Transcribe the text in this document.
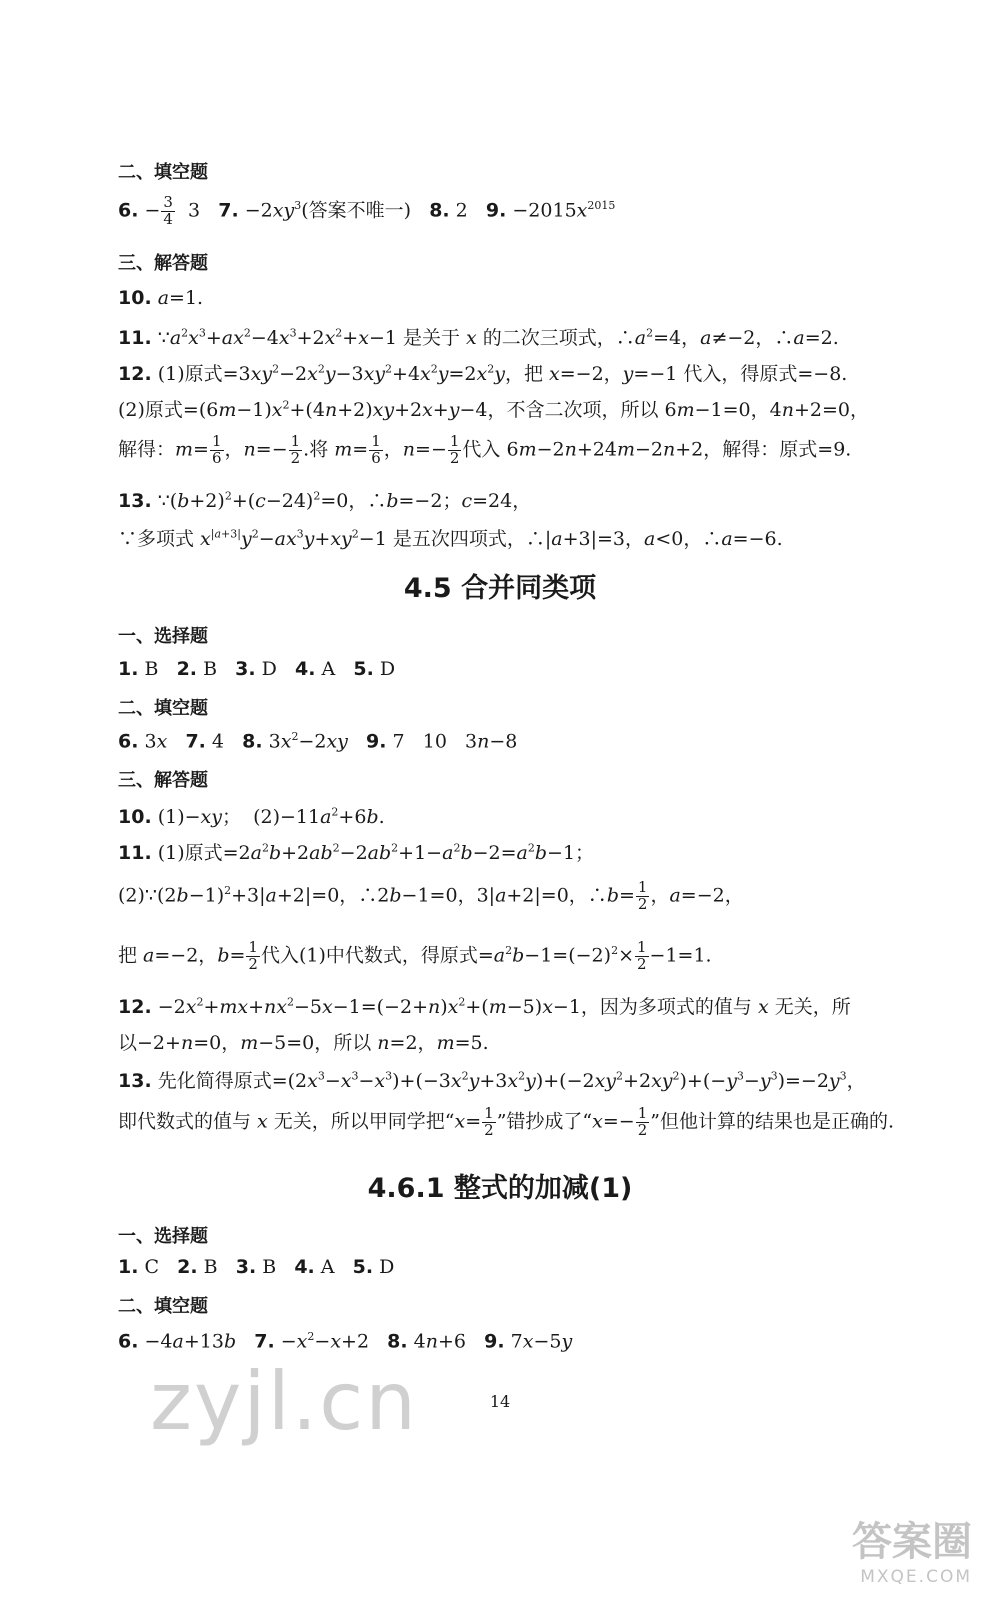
二、填空题
6. − $\frac{3}{4} 3$   7. $-2xy^3$(答案不唯一)   8. 2   9. $-2015x^{2015}$
三、解答题
10. a=1.
11. $\because a^2x^3+ax^2-4x^3+2x^2+x-1$ 是关于 x 的二次三项式，$\therefore a^2=4$，a≠−2，∴a=2.
12. (1)原式$=3xy^2-2x^2y-3xy^2+4x^2y=2x^2y$，把 x=−2，y=−1 代入，得原式=−8.
(2)原式$=(6m-1)x^2+(4n+2)xy+2x+y-4$，不含二次项，所以 6m−1=0，4n+2=0，
解得：$m= \frac{1}{6}$ ，$n=- \frac{1}{2}$ .将 $m= \frac{1}{6}$ ，$n=- \frac{1}{2}$ 代入 6m−2n+24m−2n+2，解得：原式=9.
13. $\because(b+2)^2+(c-24)^2=0$，∴b=−2；c=24，
∵多项式 $x^{|a+3|}y^2-ax^3y+xy^2-1$ 是五次四项式，∴|a+3|=3，a<0，∴a=−6.
4.5 合并同类项
一、选择题
1. B   2. B   3. D   4. A   5. D
二、填空题
6. 3x 7. 4   8. $3x^2-2xy$ 9. 7   10   3n−8
三、解答题
10. (1)−xy；  $(2)-11a^2+6b$.
11. (1)原式$=2a^2b+2ab^2-2ab^2+1-a^2b-2=a^2b-1$；
$(2)\because(2b-1)^2+3|a+2|=0$，∴2b−1=0，3|a+2|=0，∴b= $\frac{1}{2}$ ，a=−2，
把 a=−2，$b= \frac{1}{2}$ 代入(1)中代数式，得原式$=a^2b-1=(-2)^2\times \frac{1}{2} -1=1$.
12. $-2x^2+mx+nx^2-5x-1=(-2+n)x^2+(m-5)x-1$，因为多项式的值与 x 无关，所
以−2+n=0，m−5=0，所以 n=2，m=5.
13. 先化简得原式$=(2x^3-x^3-x^3)+(-3x^2y+3x^2y)+(-2xy^2+2xy^2)+(-y^3-y^3)=-2y^3$，
即代数式的值与 x 无关，所以甲同学把“$x= \frac{1}{2}$ ”错抄成了“$x=- \frac{1}{2}$ ”但他计算的结果也是正确的.
4.6.1 整式的加减(1)
一、选择题
1. C   2. B   3. B   4. A   5. D
二、填空题
6. −4a+13b 7. $-x^2-x+2$   8. 4n+6   9. 7x−5y
zyjl.cn	14
答案圈
MXQE.COM
